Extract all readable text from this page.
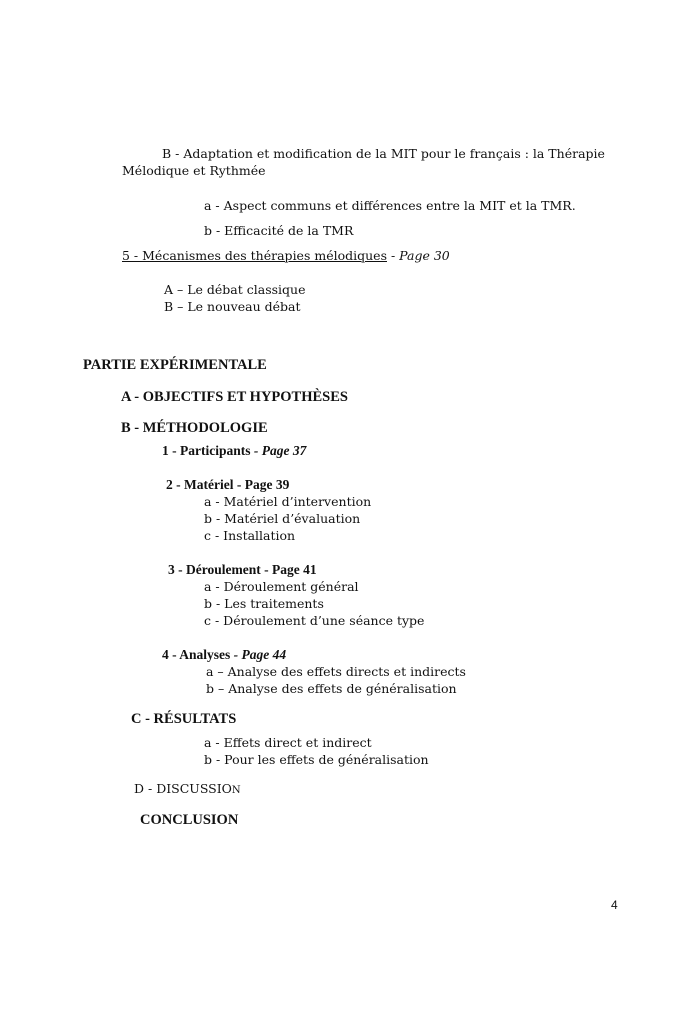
B - Adaptation et modification de la MIT pour le français : la Thérapie
Mélodique et Rythmée
a - Aspect communs et différences entre la MIT et la TMR.
b - Efficacité de la TMR
5 - Mécanismes des thérapies mélodiques - Page 30
A – Le débat classique
B – Le nouveau débat
PARTIE EXPÉRIMENTALE
A - OBJECTIFS ET HYPOTHÈSES
B - MÉTHODOLOGIE
1 - Participants - Page 37
2 - Matériel - Page 39
a - Matériel d’intervention
b - Matériel d’évaluation
c - Installation
3 - Déroulement - Page 41
a - Déroulement général
b - Les traitements
c - Déroulement d’une séance type
4 - Analyses - Page 44
a – Analyse des effets directs et indirects
b – Analyse des effets de généralisation
C - RÉSULTATS
a - Effets direct et indirect
b - Pour les effets de généralisation
D - DISCUSSION
CONCLUSION
4
